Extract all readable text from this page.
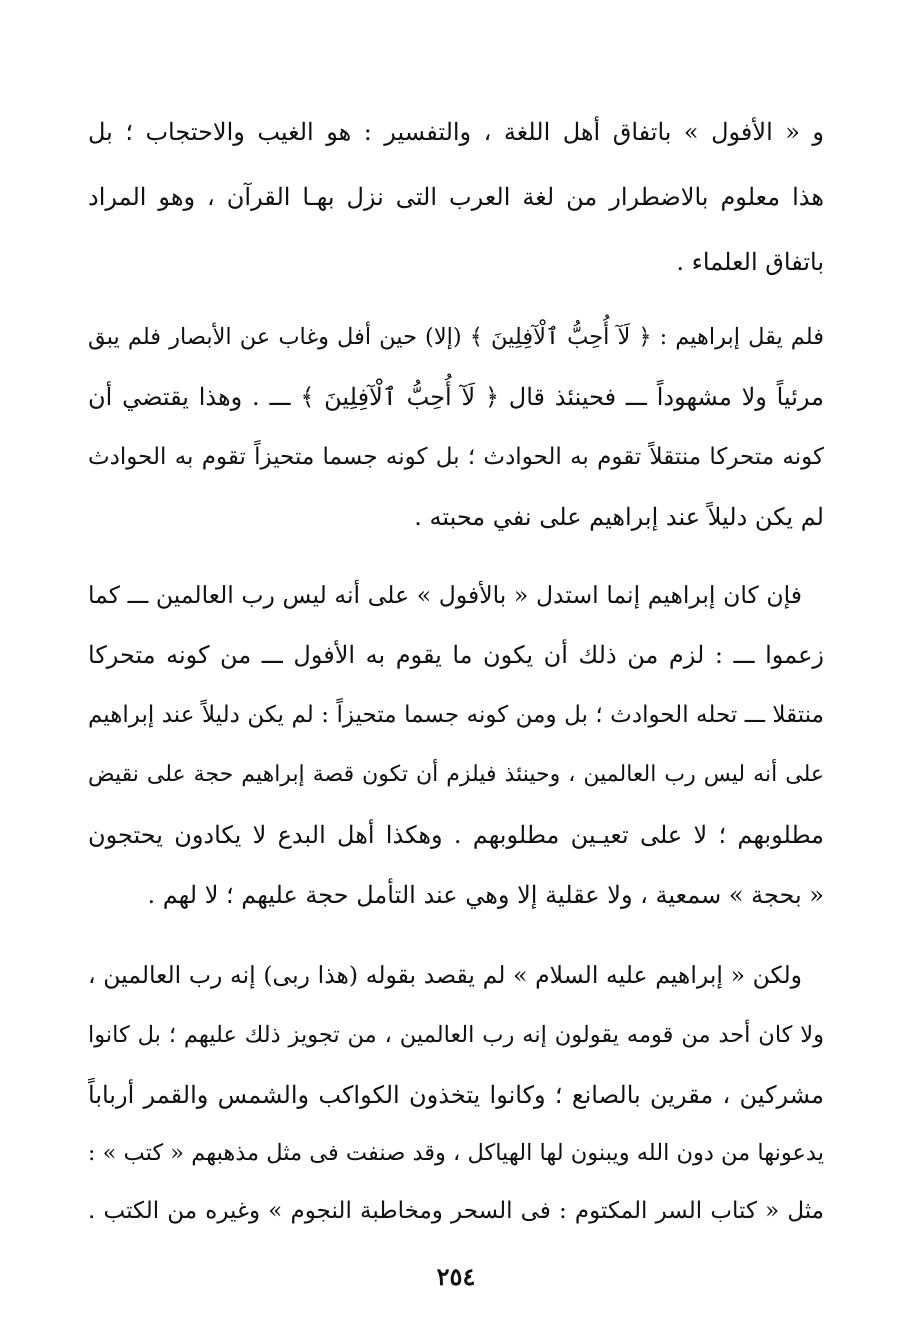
و « الأفول » باتفاق أهل اللغة ، والتفسير : هو الغيب والاحتجاب ؛ بل
هذا معلوم بالاضطرار من لغة العرب التى نزل بهـا القرآن ، وهو المراد
باتفاق العلماء .
فلم يقل إبراهيم : ﴿ لَآ أُحِبُّ ٱلْآفِلِينَ ﴾ (إلا) حين أفل وغاب عن الأبصار فلم يبق
مرئياً ولا مشهوداً ـــ فحينئذ قال ﴿ لَآ أُحِبُّ ٱلْآفِلِينَ ﴾ ـــ . وهذا يقتضي أن
كونه متحركا منتقلاً تقوم به الحوادث ؛ بل كونه جسما متحيزاً تقوم به الحوادث
لم يكن دليلاً عند إبراهيم على نفي محبته .
فإن كان إبراهيم إنما استدل « بالأفول » على أنه ليس رب العالمين ـــ كما
زعموا ـــ : لزم من ذلك أن يكون ما يقوم به الأفول ـــ من كونه متحركا
منتقلا ـــ تحله الحوادث ؛ بل ومن كونه جسما متحيزاً : لم يكن دليلاً عند إبراهيم
على أنه ليس رب العالمين ، وحينئذ فيلزم أن تكون قصة إبراهيم حجة على نقيض
مطلوبهم ؛ لا على تعيـين مطلوبهم . وهكذا أهل البدع لا يكادون يحتجون
« بحجة » سمعية ، ولا عقلية إلا وهي عند التأمل حجة عليهم ؛ لا لهم .
ولكن « إبراهيم عليه السلام » لم يقصد بقوله (هذا ربى) إنه رب العالمين ،
ولا كان أحد من قومه يقولون إنه رب العالمين ، من تجويز ذلك عليهم ؛ بل كانوا
مشركين ، مقرين بالصانع ؛ وكانوا يتخذون الكواكب والشمس والقمر أرباباً
يدعونها من دون الله ويبنون لها الهياكل ، وقد صنفت فى مثل مذهبهم « كتب » :
مثل « كتاب السر المكتوم : فى السحر ومخاطبة النجوم » وغيره من الكتب .
٢٥٤
